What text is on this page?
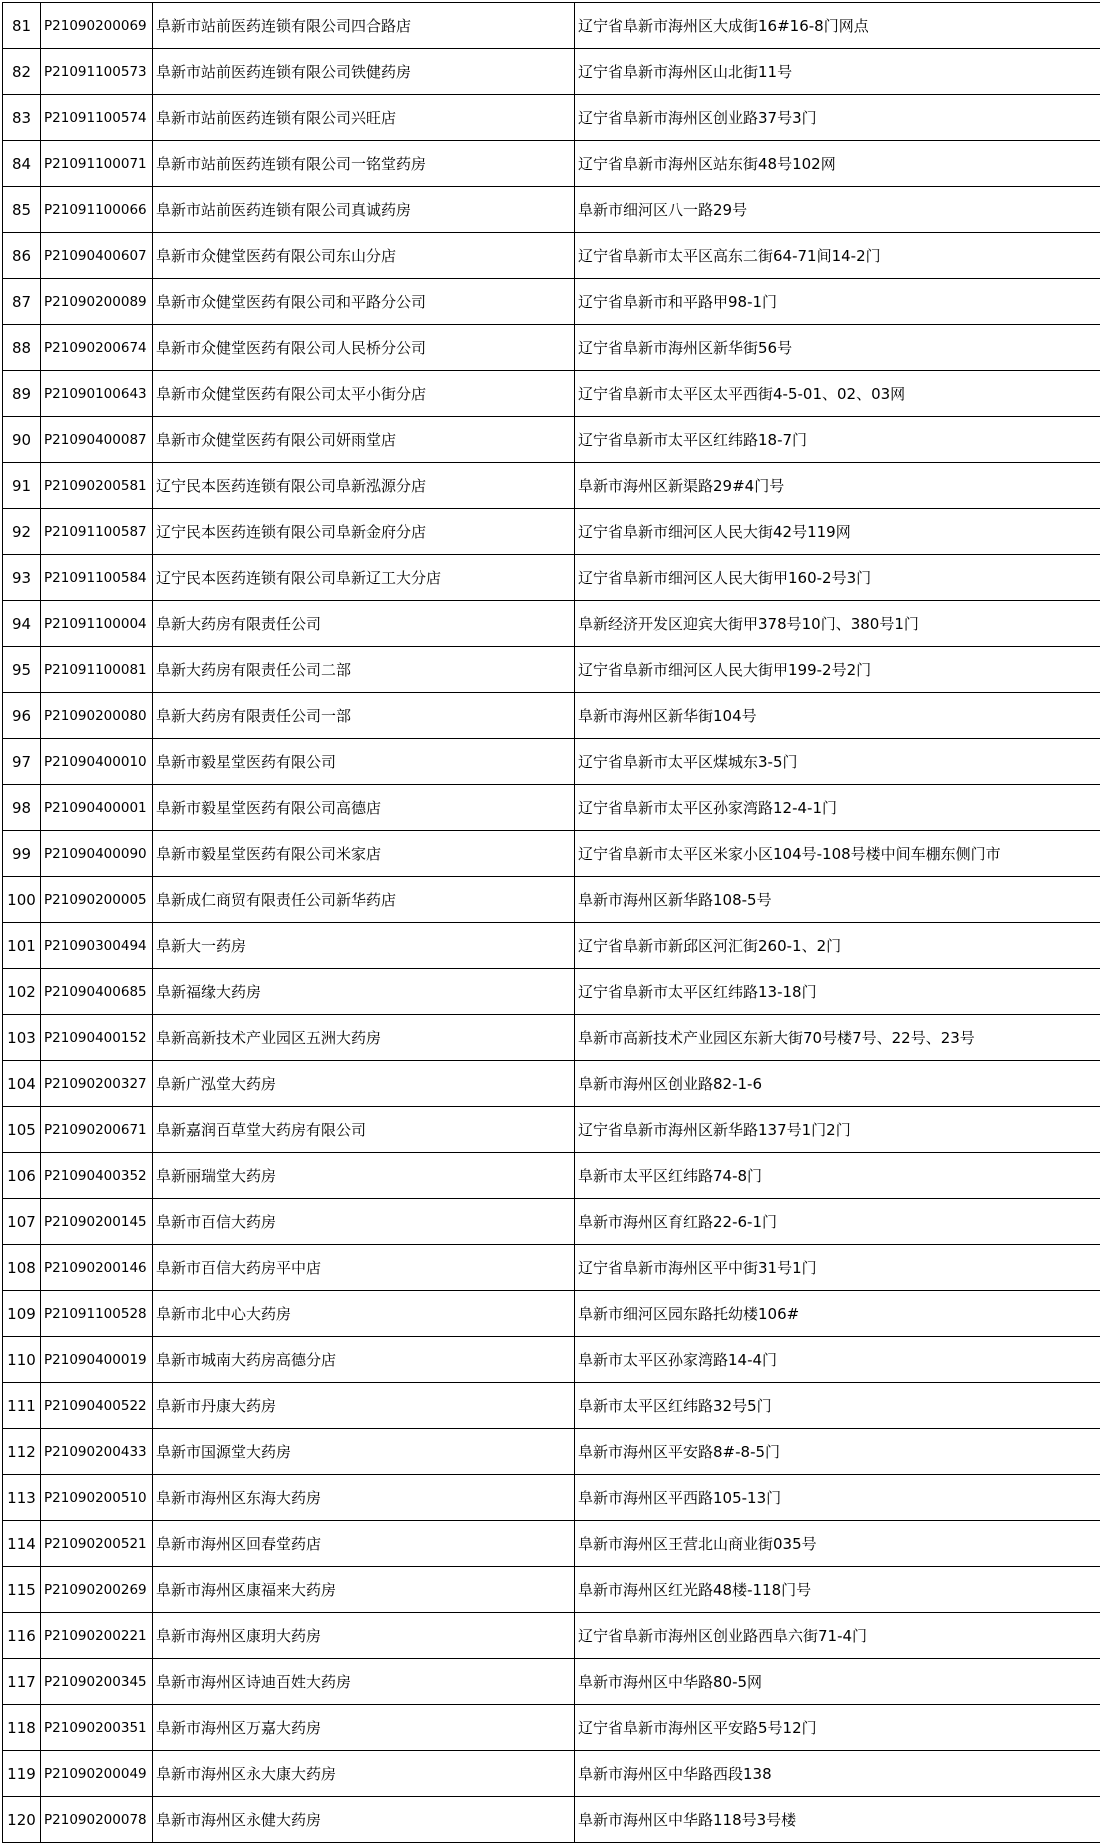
81	P21090200069	阜新市站前医药连锁有限公司四合路店	辽宁省阜新市海州区大成街16#16-8门网点
82	P21091100573	阜新市站前医药连锁有限公司铁健药房	辽宁省阜新市海州区山北街11号
83	P21091100574	阜新市站前医药连锁有限公司兴旺店	辽宁省阜新市海州区创业路37号3门
84	P21091100071	阜新市站前医药连锁有限公司一铭堂药房	辽宁省阜新市海州区站东街48号102网
85	P21091100066	阜新市站前医药连锁有限公司真诚药房	阜新市细河区八一路29号
86	P21090400607	阜新市众健堂医药有限公司东山分店	辽宁省阜新市太平区高东二街64-71间14-2门
87	P21090200089	阜新市众健堂医药有限公司和平路分公司	辽宁省阜新市和平路甲98-1门
88	P21090200674	阜新市众健堂医药有限公司人民桥分公司	辽宁省阜新市海州区新华街56号
89	P21090100643	阜新市众健堂医药有限公司太平小街分店	辽宁省阜新市太平区太平西街4-5-01、02、03网
90	P21090400087	阜新市众健堂医药有限公司妍雨堂店	辽宁省阜新市太平区红纬路18-7门
91	P21090200581	辽宁民本医药连锁有限公司阜新泓源分店	阜新市海州区新渠路29#4门号
92	P21091100587	辽宁民本医药连锁有限公司阜新金府分店	辽宁省阜新市细河区人民大街42号119网
93	P21091100584	辽宁民本医药连锁有限公司阜新辽工大分店	辽宁省阜新市细河区人民大街甲160-2号3门
94	P21091100004	阜新大药房有限责任公司	阜新经济开发区迎宾大街甲378号10门、380号1门
95	P21091100081	阜新大药房有限责任公司二部	辽宁省阜新市细河区人民大街甲199-2号2门
96	P21090200080	阜新大药房有限责任公司一部	阜新市海州区新华街104号
97	P21090400010	阜新市毅星堂医药有限公司	辽宁省阜新市太平区煤城东3-5门
98	P21090400001	阜新市毅星堂医药有限公司高德店	辽宁省阜新市太平区孙家湾路12-4-1门
99	P21090400090	阜新市毅星堂医药有限公司米家店	辽宁省阜新市太平区米家小区104号-108号楼中间车棚东侧门市
100	P21090200005	阜新成仁商贸有限责任公司新华药店	阜新市海州区新华路108-5号
101	P21090300494	阜新大一药房	辽宁省阜新市新邱区河汇街260-1、2门
102	P21090400685	阜新福缘大药房	辽宁省阜新市太平区红纬路13-18门
103	P21090400152	阜新高新技术产业园区五洲大药房	阜新市高新技术产业园区东新大街70号楼7号、22号、23号
104	P21090200327	阜新广泓堂大药房	阜新市海州区创业路82-1-6
105	P21090200671	阜新嘉润百草堂大药房有限公司	辽宁省阜新市海州区新华路137号1门2门
106	P21090400352	阜新丽瑞堂大药房	阜新市太平区红纬路74-8门
107	P21090200145	阜新市百信大药房	阜新市海州区育红路22-6-1门
108	P21090200146	阜新市百信大药房平中店	辽宁省阜新市海州区平中街31号1门
109	P21091100528	阜新市北中心大药房	阜新市细河区园东路托幼楼106#
110	P21090400019	阜新市城南大药房高德分店	阜新市太平区孙家湾路14-4门
111	P21090400522	阜新市丹康大药房	阜新市太平区红纬路32号5门
112	P21090200433	阜新市国源堂大药房	阜新市海州区平安路8#-8-5门
113	P21090200510	阜新市海州区东海大药房	阜新市海州区平西路105-13门
114	P21090200521	阜新市海州区回春堂药店	阜新市海州区王营北山商业街035号
115	P21090200269	阜新市海州区康福来大药房	阜新市海州区红光路48楼-118门号
116	P21090200221	阜新市海州区康玥大药房	辽宁省阜新市海州区创业路西阜六街71-4门
117	P21090200345	阜新市海州区诗迪百姓大药房	阜新市海州区中华路80-5网
118	P21090200351	阜新市海州区万嘉大药房	辽宁省阜新市海州区平安路5号12门
119	P21090200049	阜新市海州区永大康大药房	阜新市海州区中华路西段138
120	P21090200078	阜新市海州区永健大药房	阜新市海州区中华路118号3号楼
